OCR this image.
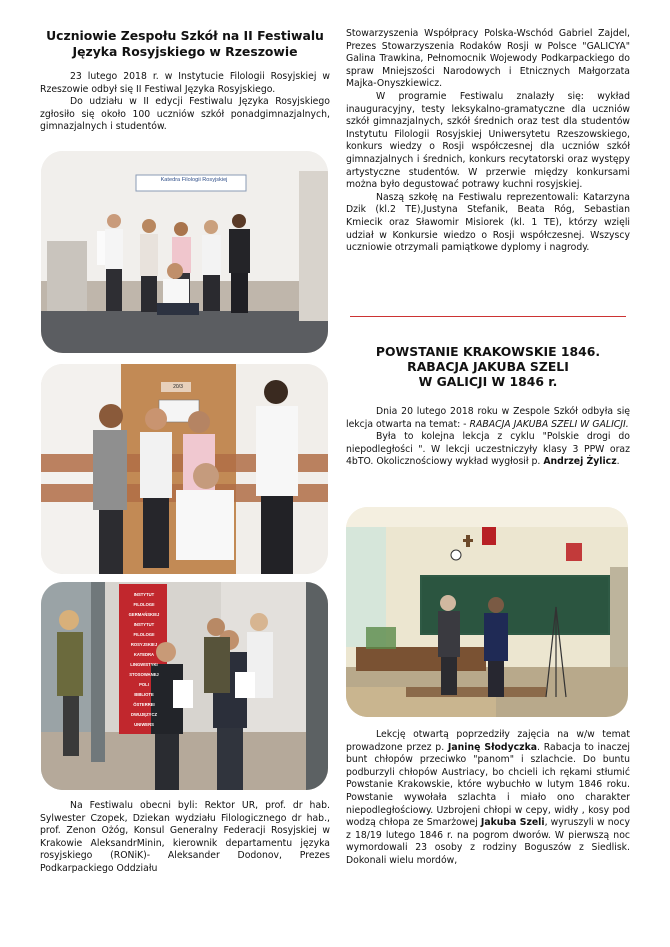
Uczniowie Zespołu Szkół na II Festiwalu
Języka Rosyjskiego w Rzeszowie

23 lutego 2018 r. w Instytucie Filologii Rosyjskiej w Rzeszowie odbył się II Festiwal Języka Rosyjskiego.

Do udziału w II edycji Festiwalu Języka Rosyjskiego zgłosiło się około 100 uczniów szkół ponadgimnazjalnych, gimnazjalnych i studentów.

Na Festiwalu obecni byli: Rektor UR, prof. dr hab. Sylwester Czopek, Dziekan wydziału Filologicznego dr hab., prof. Zenon Ożóg, Konsul Generalny Federacji Rosyjskiej w Krakowie AleksandrMinin, kierownik departamentu języka rosyjskiego (RONiK)- Aleksander Dodonov, Prezes Podkarpackiego Oddziału

Stowarzyszenia Współpracy Polska-Wschód Gabriel Zajdel, Prezes Stowarzyszenia Rodaków Rosji w Polsce "GALICYA" Galina Trawkina, Pełnomocnik Wojewody Podkarpackiego do spraw Mniejszości Narodowych i Etnicznych Małgorzata Majka-Onyszkiewicz.

W programie Festiwalu znalazły się: wykład inauguracyjny, testy leksykalno-gramatyczne dla uczniów szkół gimnazjalnych, szkół średnich oraz test dla studentów Instytutu Filologii Rosyjskiej Uniwersytetu Rzeszowskiego, konkurs wiedzy o Rosji współczesnej dla uczniów szkół gimnazjalnych i średnich, konkurs recytatorski oraz występy artystyczne studentów. W przerwie między konkursami można było degustować potrawy kuchni rosyjskiej.

Naszą szkołę na Festiwalu reprezentowali: Katarzyna Dzik (kl.2 TE),Justyna Stefanik, Beata Róg, Sebastian Kmiecik oraz Sławomir Misiorek (kl. 1 TE), którzy wzięli udział w Konkursie wiedzo o Rosji współczesnej. Wszyscy uczniowie otrzymali pamiątkowe dyplomy i nagrody.

POWSTANIE KRAKOWSKIE 1846.
RABACJA JAKUBA SZELI
W GALICJI W 1846 r.

Dnia 20 lutego 2018 roku w Zespole Szkół odbyła się lekcja otwarta na temat: - RABACJA JAKUBA SZELI W GALICJI.

Była to kolejna lekcja z cyklu "Polskie drogi do niepodległości ". W lekcji uczestniczyły klasy 3 PPW oraz 4bTO. Okolicznościowy wykład wygłosił p. Andrzej Żylicz.

Lekcję otwartą poprzedziły zajęcia na w/w temat prowadzone przez p. Janinę Słodyczka. Rabacja to inaczej bunt chłopów przeciwko "panom" i szlachcie. Do buntu podburzyli chłopów Austriacy, bo chcieli ich rękami stłumić Powstanie Krakowskie, które wybuchło w lutym 1846 roku. Powstanie wywołała szlachta i miało ono charakter niepodległościowy. Uzbrojeni chłopi w cepy, widły , kosy pod wodzą chłopa ze Smarżowej Jakuba Szeli, wyruszyli w nocy z 18/19 lutego 1846 r. na pogrom dworów. W pierwszą noc wymordowali 23 osoby z rodziny Boguszów z Siedlisk. Dokonali wielu mordów,

Katedra Filologii Rosyjskiej
20/3
INSTYTUT
FILOLOGII GERMAŃSKIEJ
INSTYTUT
FILOLOGII ROSYJSKIEJ
KATEDRA
LINGWISTYKI STOSOWANEJ
POLI
BIBLIOTE
ÖSTERREI
DWUJĘZYCZ
UNIWERS
